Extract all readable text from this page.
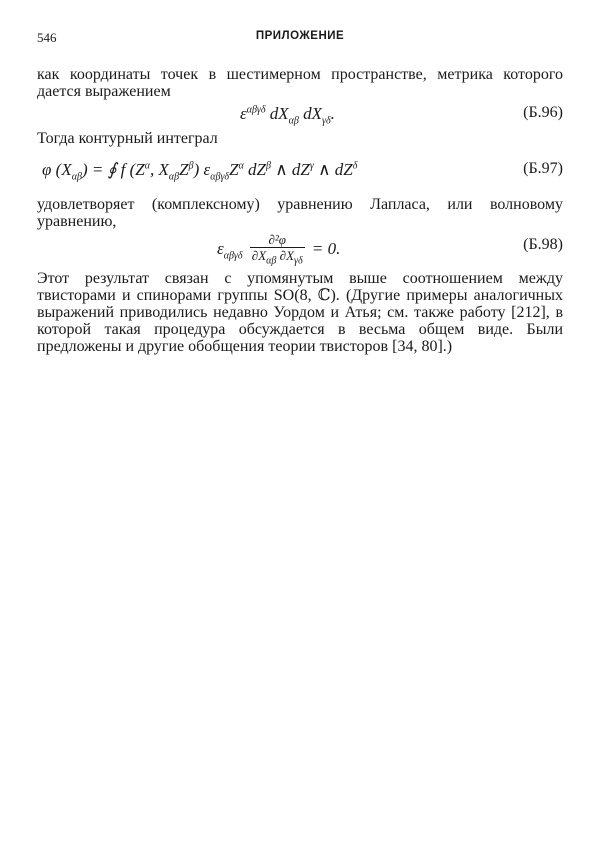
546	ПРИЛОЖЕНИЕ
как координаты точек в шестимерном пространстве, метрика которого дается выражением
$\varepsilon^{\alpha\beta\gamma\delta}$ $dX_{\alpha\beta}$ $dX_{\gamma\delta}$.	(Б.96)
Тогда контурный интеграл
φ $(X_{\alpha\beta})$ = ∮ f ($Z^\alpha$, $X_{\alpha\beta}Z^\beta$) $\varepsilon_{\alpha\beta\gamma\delta}Z^\alpha$ $dZ^\beta$ ∧ $dZ^\gamma$ ∧ $dZ^\delta$	(Б.97)
удовлетворяет (комплексному) уравнению Лапласа, или волновому уравнению,
$\varepsilon_{\alpha\beta\gamma\delta} \frac{\text{∂²φ}}{\partial X_{\alpha\beta} \partial X_{\gamma\delta}} = 0$.	(Б.98)
Этот результат связан с упомянутым выше соотношением между твисторами и спинорами группы SO(8, ℂ). (Другие примеры аналогичных выражений приводились недавно Уордом и Атья; см. также работу [212], в которой такая процедура обсуждается в весьма общем виде. Были предложены и другие обобщения теории твисторов [34, 80].)
